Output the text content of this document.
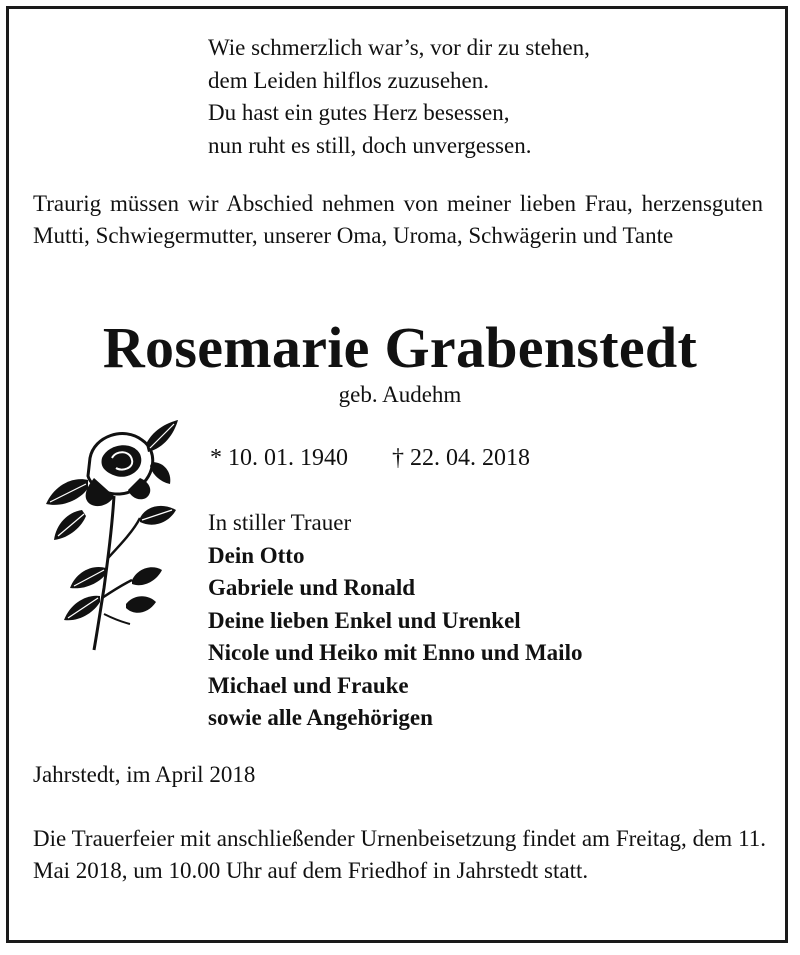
Wie schmerzlich war’s, vor dir zu stehen,
dem Leiden hilflos zuzusehen.
Du hast ein gutes Herz besessen,
nun ruht es still, doch unvergessen.
Traurig müssen wir Abschied nehmen von meiner lieben Frau, herzensguten Mutti, Schwiegermutter, unserer Oma, Uroma, Schwägerin und Tante
Rosemarie Grabenstedt
geb. Audehm
* 10. 01. 1940 † 22. 04. 2018
In stiller Trauer
Dein Otto
Gabriele und Ronald
Deine lieben Enkel und Urenkel
Nicole und Heiko mit Enno und Mailo
Michael und Frauke
sowie alle Angehörigen
Jahrstedt, im April 2018
Die Trauerfeier mit anschließender Urnenbeisetzung findet am Freitag, dem 11. Mai 2018, um 10.00 Uhr auf dem Friedhof in Jahrstedt statt.
